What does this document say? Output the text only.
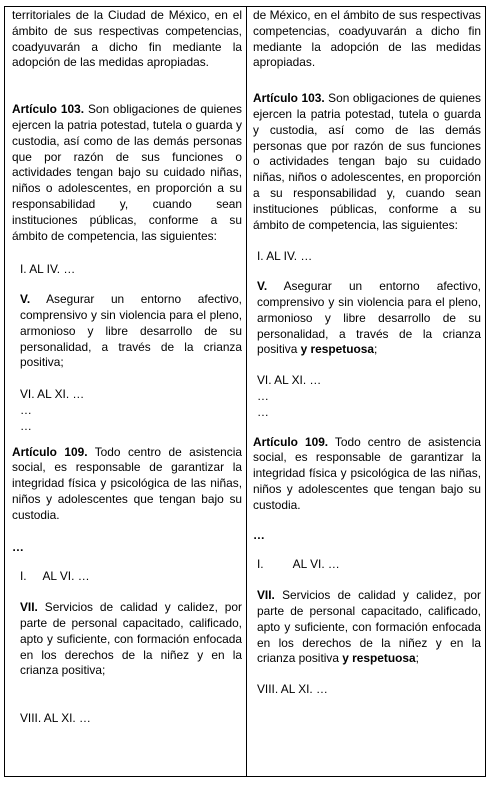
territoriales de la Ciudad de México, en el ámbito de sus respectivas competencias, coadyuvarán a dicho fin mediante la adopción de las medidas apropiadas.

Artículo 103. Son obligaciones de quienes ejercen la patria potestad, tutela o guarda y custodia, así como de las demás personas que por razón de sus funciones o actividades tengan bajo su cuidado niñas, niños o adolescentes, en proporción a su responsabilidad y, cuando sean instituciones públicas, conforme a su ámbito de competencia, las siguientes:

I. AL IV. …

V. Asegurar un entorno afectivo, comprensivo y sin violencia para el pleno, armonioso y libre desarrollo de su personalidad, a través de la crianza positiva;

VI. AL XI. …

…

…

Artículo 109. Todo centro de asistencia social, es responsable de garantizar la integridad física y psicológica de las niñas, niños y adolescentes que tengan bajo su custodia.

…

I.     AL VI. …

VII. Servicios de calidad y calidez, por parte de personal capacitado, calificado, apto y suficiente, con formación enfocada en los derechos de la niñez y en la crianza positiva;

VIII. AL XI. …

de México, en el ámbito de sus respectivas competencias, coadyuvarán a dicho fin mediante la adopción de las medidas apropiadas.

Artículo 103. Son obligaciones de quienes ejercen la patria potestad, tutela o guarda y custodia, así como de las demás personas que por razón de sus funciones o actividades tengan bajo su cuidado niñas, niños o adolescentes, en proporción a su responsabilidad y, cuando sean instituciones públicas, conforme a su ámbito de competencia, las siguientes:

I. AL IV. …

V. Asegurar un entorno afectivo, comprensivo y sin violencia para el pleno, armonioso y libre desarrollo de su personalidad, a través de la crianza positiva y respetuosa;

VI. AL XI. …

…

…

Artículo 109. Todo centro de asistencia social, es responsable de garantizar la integridad física y psicológica de las niñas, niños y adolescentes que tengan bajo su custodia.

…

I.         AL VI. …

VII. Servicios de calidad y calidez, por parte de personal capacitado, calificado, apto y suficiente, con formación enfocada en los derechos de la niñez y en la crianza positiva y respetuosa;

VIII. AL XI. …
